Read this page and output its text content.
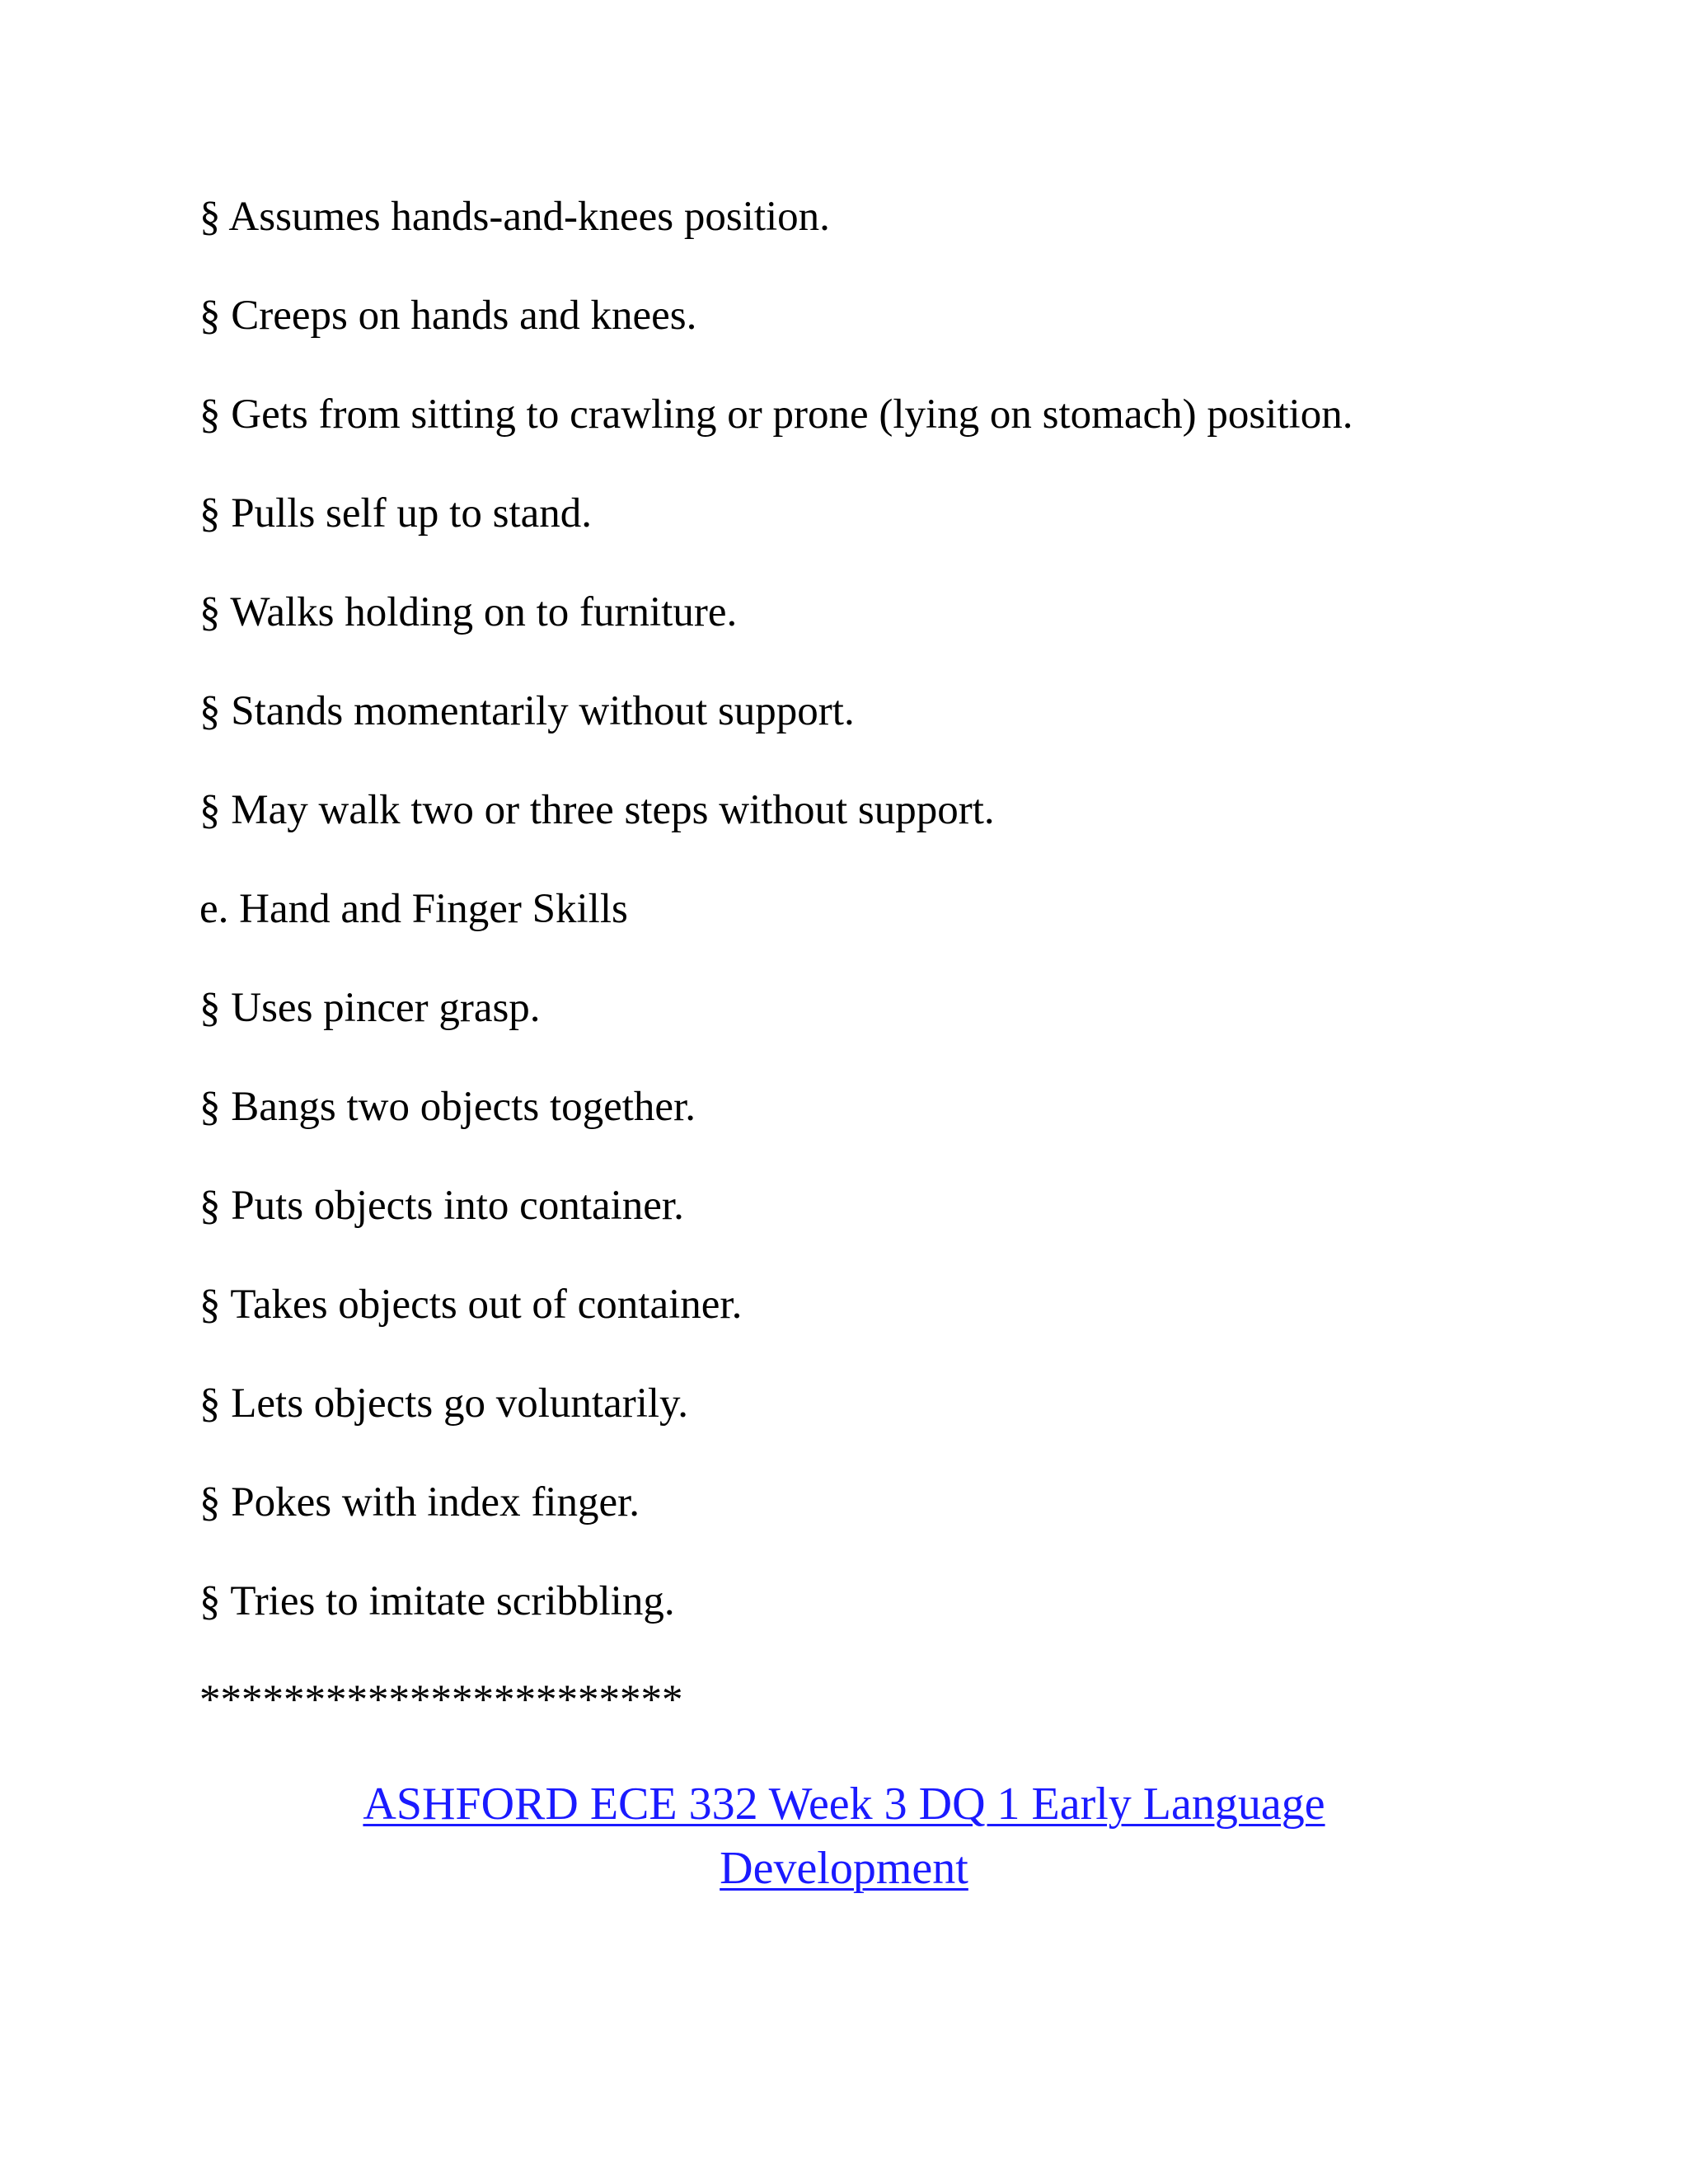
§ Assumes hands-and-knees position.
§ Creeps on hands and knees.
§ Gets from sitting to crawling or prone (lying on stomach) position.
§ Pulls self up to stand.
§ Walks holding on to furniture.
§ Stands momentarily without support.
§ May walk two or three steps without support.
e. Hand and Finger Skills
§ Uses pincer grasp.
§ Bangs two objects together.
§ Puts objects into container.
§ Takes objects out of container.
§ Lets objects go voluntarily.
§ Pokes with index finger.
§ Tries to imitate scribbling.
***********************
ASHFORD ECE 332 Week 3 DQ 1 Early Language
Development
